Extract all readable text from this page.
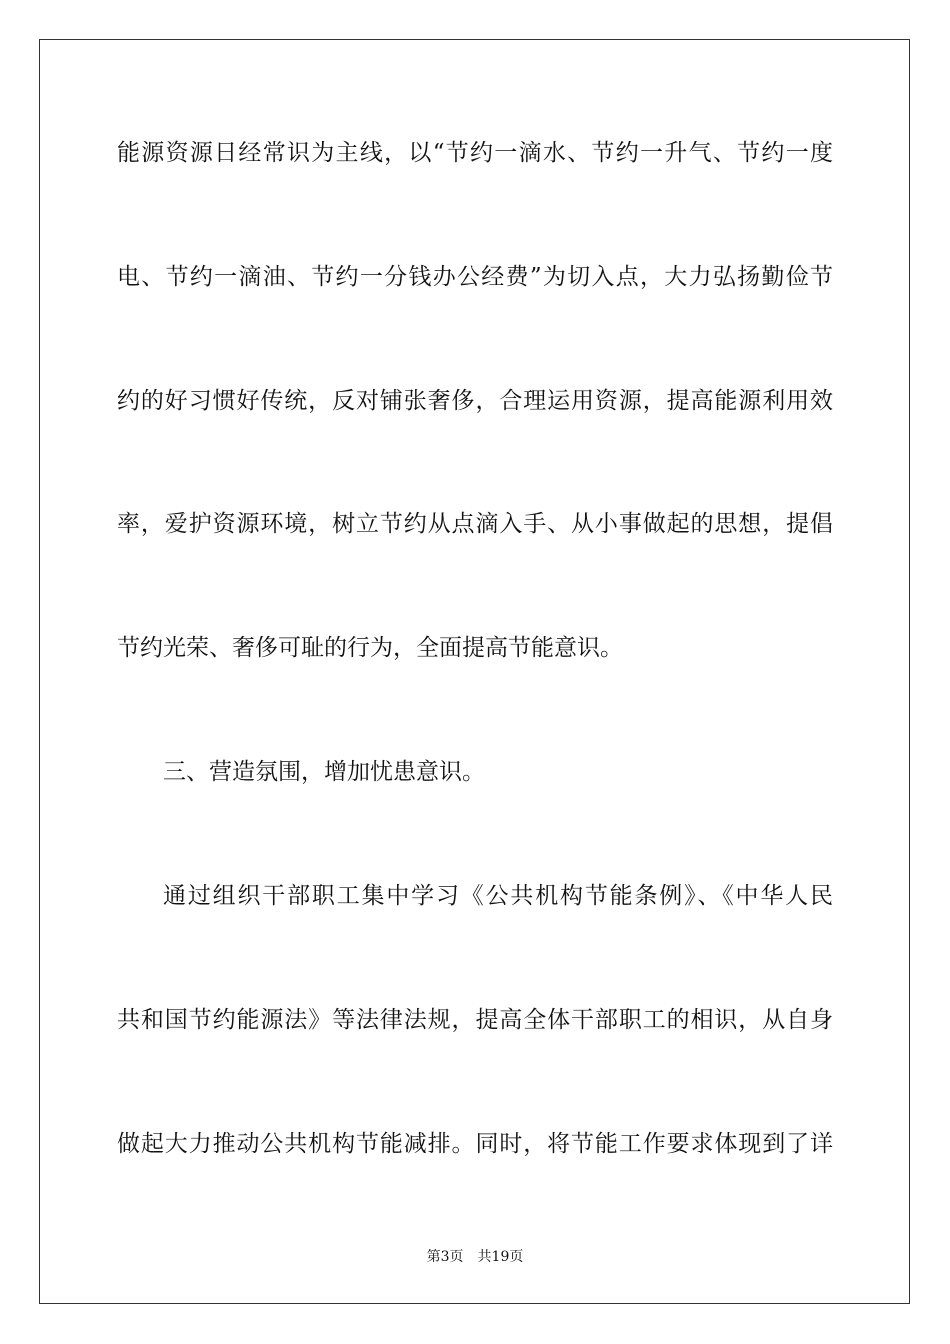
能源资源日经常识为主线，以“节约一滴水、节约一升气、节约一度
电、节约一滴油、节约一分钱办公经费”为切入点，大力弘扬勤俭节
约的好习惯好传统，反对铺张奢侈，合理运用资源，提高能源利用效
率，爱护资源环境，树立节约从点滴入手、从小事做起的思想，提倡
节约光荣、奢侈可耻的行为，全面提高节能意识。
三、营造氛围，增加忧患意识。
通过组织干部职工集中学习《公共机构节能条例》、《中华人民
共和国节约能源法》等法律法规，提高全体干部职工的相识，从自身
做起大力推动公共机构节能减排。同时，将节能工作要求体现到了详
第3页　共19页
